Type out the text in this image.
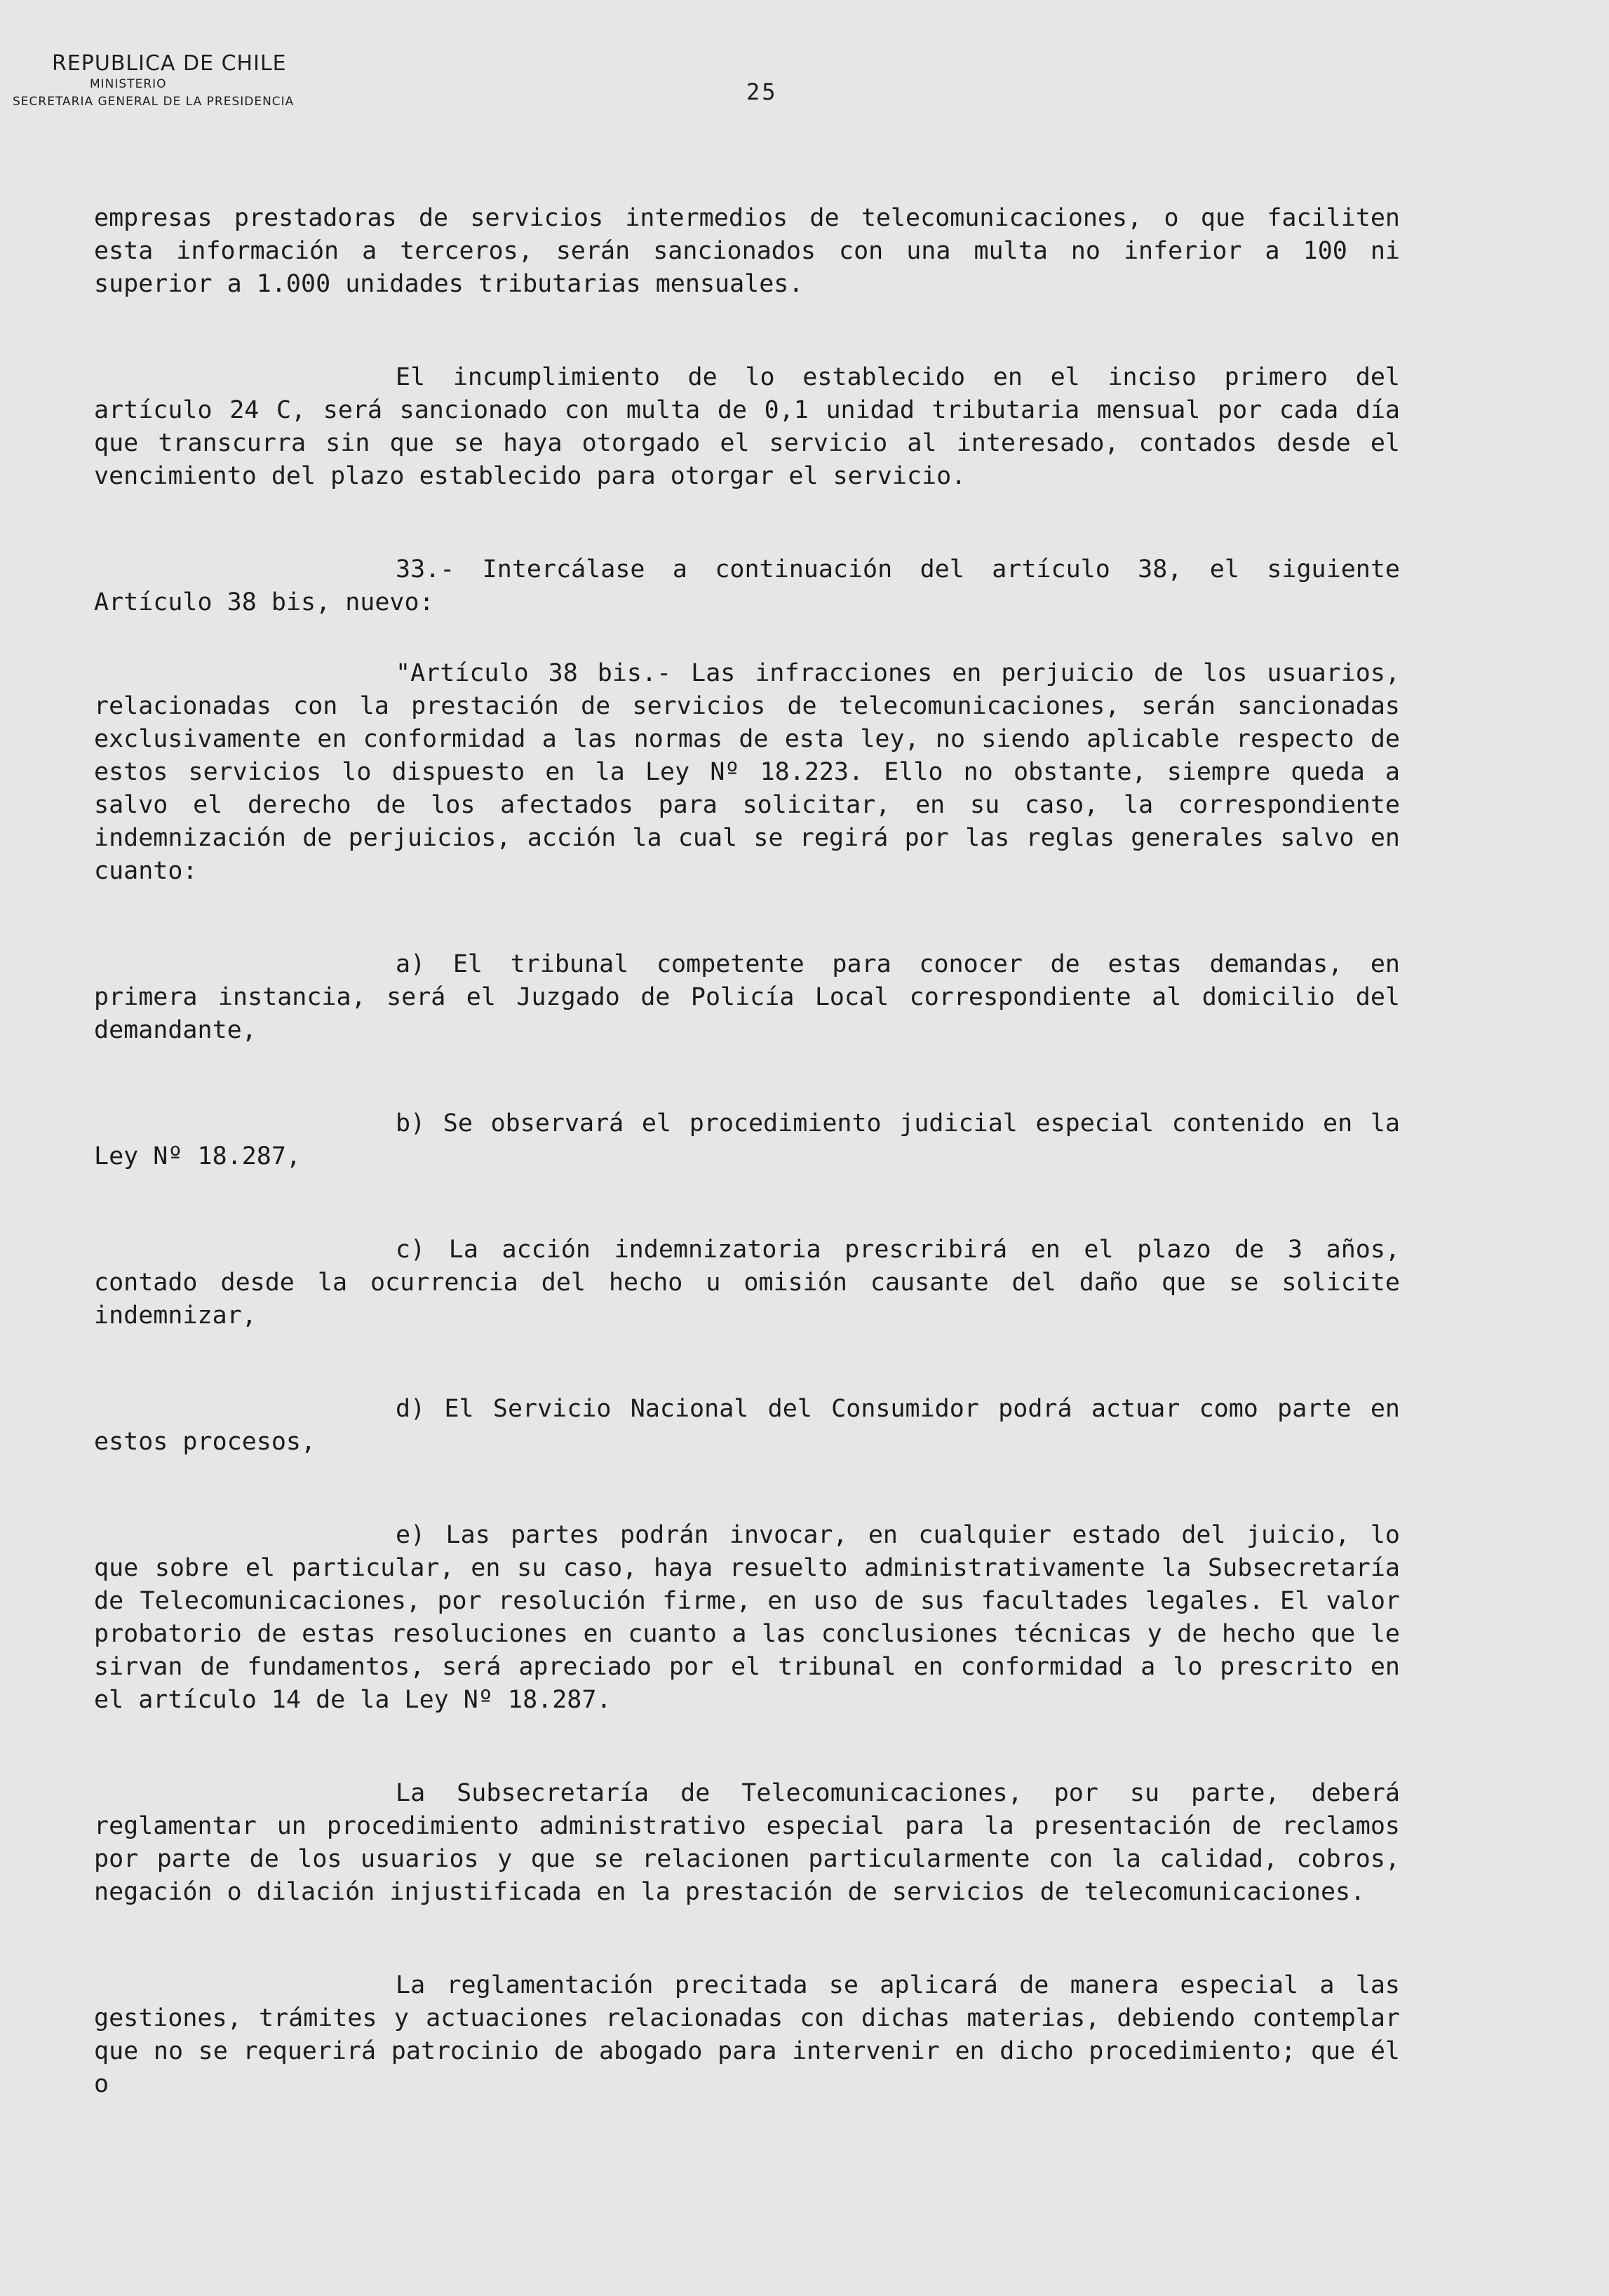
REPUBLICA DE CHILE

MINISTERIO

SECRETARIA GENERAL DE LA PRESIDENCIA	25

empresas prestadoras de servicios intermedios de telecomunicaciones, o que faciliten esta información a terceros, serán sancionados con una multa no inferior a 100 ni superior a 1.000 unidades tributarias mensuales.

El incumplimiento de lo establecido en el inciso primero del artículo 24 C, será sancionado con multa de 0,1 unidad tributaria mensual por cada día que transcurra sin que se haya otorgado el servicio al interesado, contados desde el vencimiento del plazo establecido para otorgar el servicio.

33.- Intercálase a continuación del artículo 38, el siguiente Artículo 38 bis, nuevo:

"Artículo 38 bis.- Las infracciones en perjuicio de los usuarios, relacionadas con la prestación de servicios de telecomunicaciones, serán sancionadas exclusivamente en conformidad a las normas de esta ley, no siendo aplicable respecto de estos servicios lo dispuesto en la Ley Nº 18.223. Ello no obstante, siempre queda a salvo el derecho de los afectados para solicitar, en su caso, la correspondiente indemnización de perjuicios, acción la cual se regirá por las reglas generales salvo en cuanto:

a) El tribunal competente para conocer de estas demandas, en primera instancia, será el Juzgado de Policía Local correspondiente al domicilio del demandante,

b) Se observará el procedimiento judicial especial contenido en la Ley Nº 18.287,

c) La acción indemnizatoria prescribirá en el plazo de 3 años, contado desde la ocurrencia del hecho u omisión causante del daño que se solicite indemnizar,

d) El Servicio Nacional del Consumidor podrá actuar como parte en estos procesos,

e) Las partes podrán invocar, en cualquier estado del juicio, lo que sobre el particular, en su caso, haya resuelto administrativamente la Subsecretaría de Telecomunicaciones, por resolución firme, en uso de sus facultades legales. El valor probatorio de estas resoluciones en cuanto a las conclusiones técnicas y de hecho que le sirvan de fundamentos, será apreciado por el tribunal en conformidad a lo prescrito en el artículo 14 de la Ley Nº 18.287.

La Subsecretaría de Telecomunicaciones, por su parte, deberá reglamentar un procedimiento administrativo especial para la presentación de reclamos por parte de los usuarios y que se relacionen particularmente con la calidad, cobros, negación o dilación injustificada en la prestación de servicios de telecomunicaciones.

La reglamentación precitada se aplicará de manera especial a las gestiones, trámites y actuaciones relacionadas con dichas materias, debiendo contemplar que no se requerirá patrocinio de abogado para intervenir en dicho procedimiento; que él o
